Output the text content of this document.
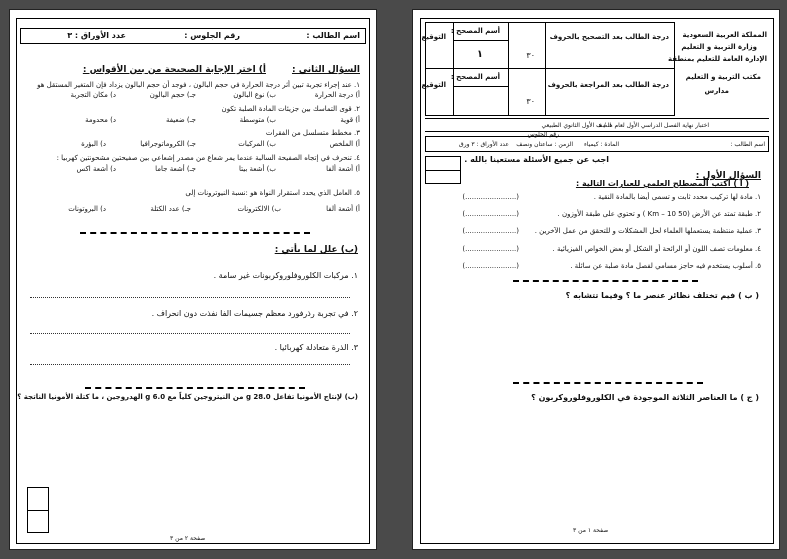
اسم الطالب :
رقم الجلوس :
عدد الأوراق : ٣
السؤال الثاني :
أ) اختر الإجابة الصحيحة من بين الأقواس :
١. عند إجراء تجربة تبين أثر درجة الحرارة في حجم البالون ، فوجد أن حجم البالون يزداد فإن المتغير المستقل هو
أ) درجة الحرارة
ب) نوع البالون
جـ) حجم البالون
د) مكان التجربة
٢. قوى التماسك بين جزيئات المادة الصلبة تكون
أ) قوية
ب) متوسطة
جـ) ضعيفة
د) محدومة
٣. مخطط متسلسل من الفقرات
أ) الملخص
ب) المركبات
جـ) الكروماتوجرافيا
د) البؤرة
٤. تنحرف في إتجاه الصفيحة السالبة عندما يمر شعاع من مصدر إشعاعي بين صفيحتين مشحونتين كهربيا :
أ) أشعة ألفا
ب) أشعة بيتا
جـ) أشعة جاما
د) أشعة اكس
٥. العامل الذي يحدد استقرار النواة هو :نسبة النيوترونات إلى
أ) أشعة ألفا
ب) الالكترونات
جـ) عدد الكتلة
د) البروتونات
(ب) علل لما يأتي :
١. مركبات الكلوروفلوروكربونات غير سامة .
٢. في تجربة رذرفورد معظم جسيمات الفا نفذت دون انحراف .
٣. الذرة متعادلة كهربائيا .
(ب) لإنتاج الأمونيا تفاعل 28.0 g من النيتروجين كلياً مع 6.0 g الهدروجين ، ما كتلة الأمونيا الناتجة ؟
صفحة ٢ من ٣
التوقيع
التوقيع
أسم المصحح :
١
أسم المصحح :
٣٠
٣٠
درجة الطالب بعد التصحيح بالحروف
درجة الطالب بعد المراجعة بالحروف
المملكة العربية السعودية
وزارة التربية و التعليم
الإدارة العامة للتعليم بمنطقة
مكتب التربية و التعليم
مدارس
اختبار نهاية الفصل الدراسي الأول لعام هـ / هـ
الصف الأول الثانوي الطبيعي
اسم الطالب :
رقم الجلوس
المادة : كيمياء
الزمن : ساعتان ونصف
عدد الأوراق : ٣ ورق
اجب عن جميع الأسئلة مستعينا بالله .
السؤال الأول :
( أ ) أكتب المصطلح العلمي للعبارات التالية :
١. مادة لها تركيب محدد ثابت و تسمى أيضا بالمادة النقية .
(.......................)
٢. طبقة تمتد عن الأرض (50 Km – 10 ) و تحتوي على طبقة الأوزون .
(.......................)
٣. عملية منتظمة يستعملها العلماء لحل المشكلات و للتحقق من عمل الآخرين .
(.......................)
٤. معلومات تصف اللون أو الرائحة أو الشكل أو بعض الخواص الفيزيائية .
(.......................)
٥. أسلوب يستخدم فيه حاجز مسامي لفصل مادة صلبة عن سائلة .
(.......................)
( ب ) فيم تختلف نظائر عنصر ما ؟ وفيما تتشابه ؟
( ج ) ما العناصر الثلاثة الموجودة في الكلوروفلوروكربون ؟
صفحة ١ من ٣
